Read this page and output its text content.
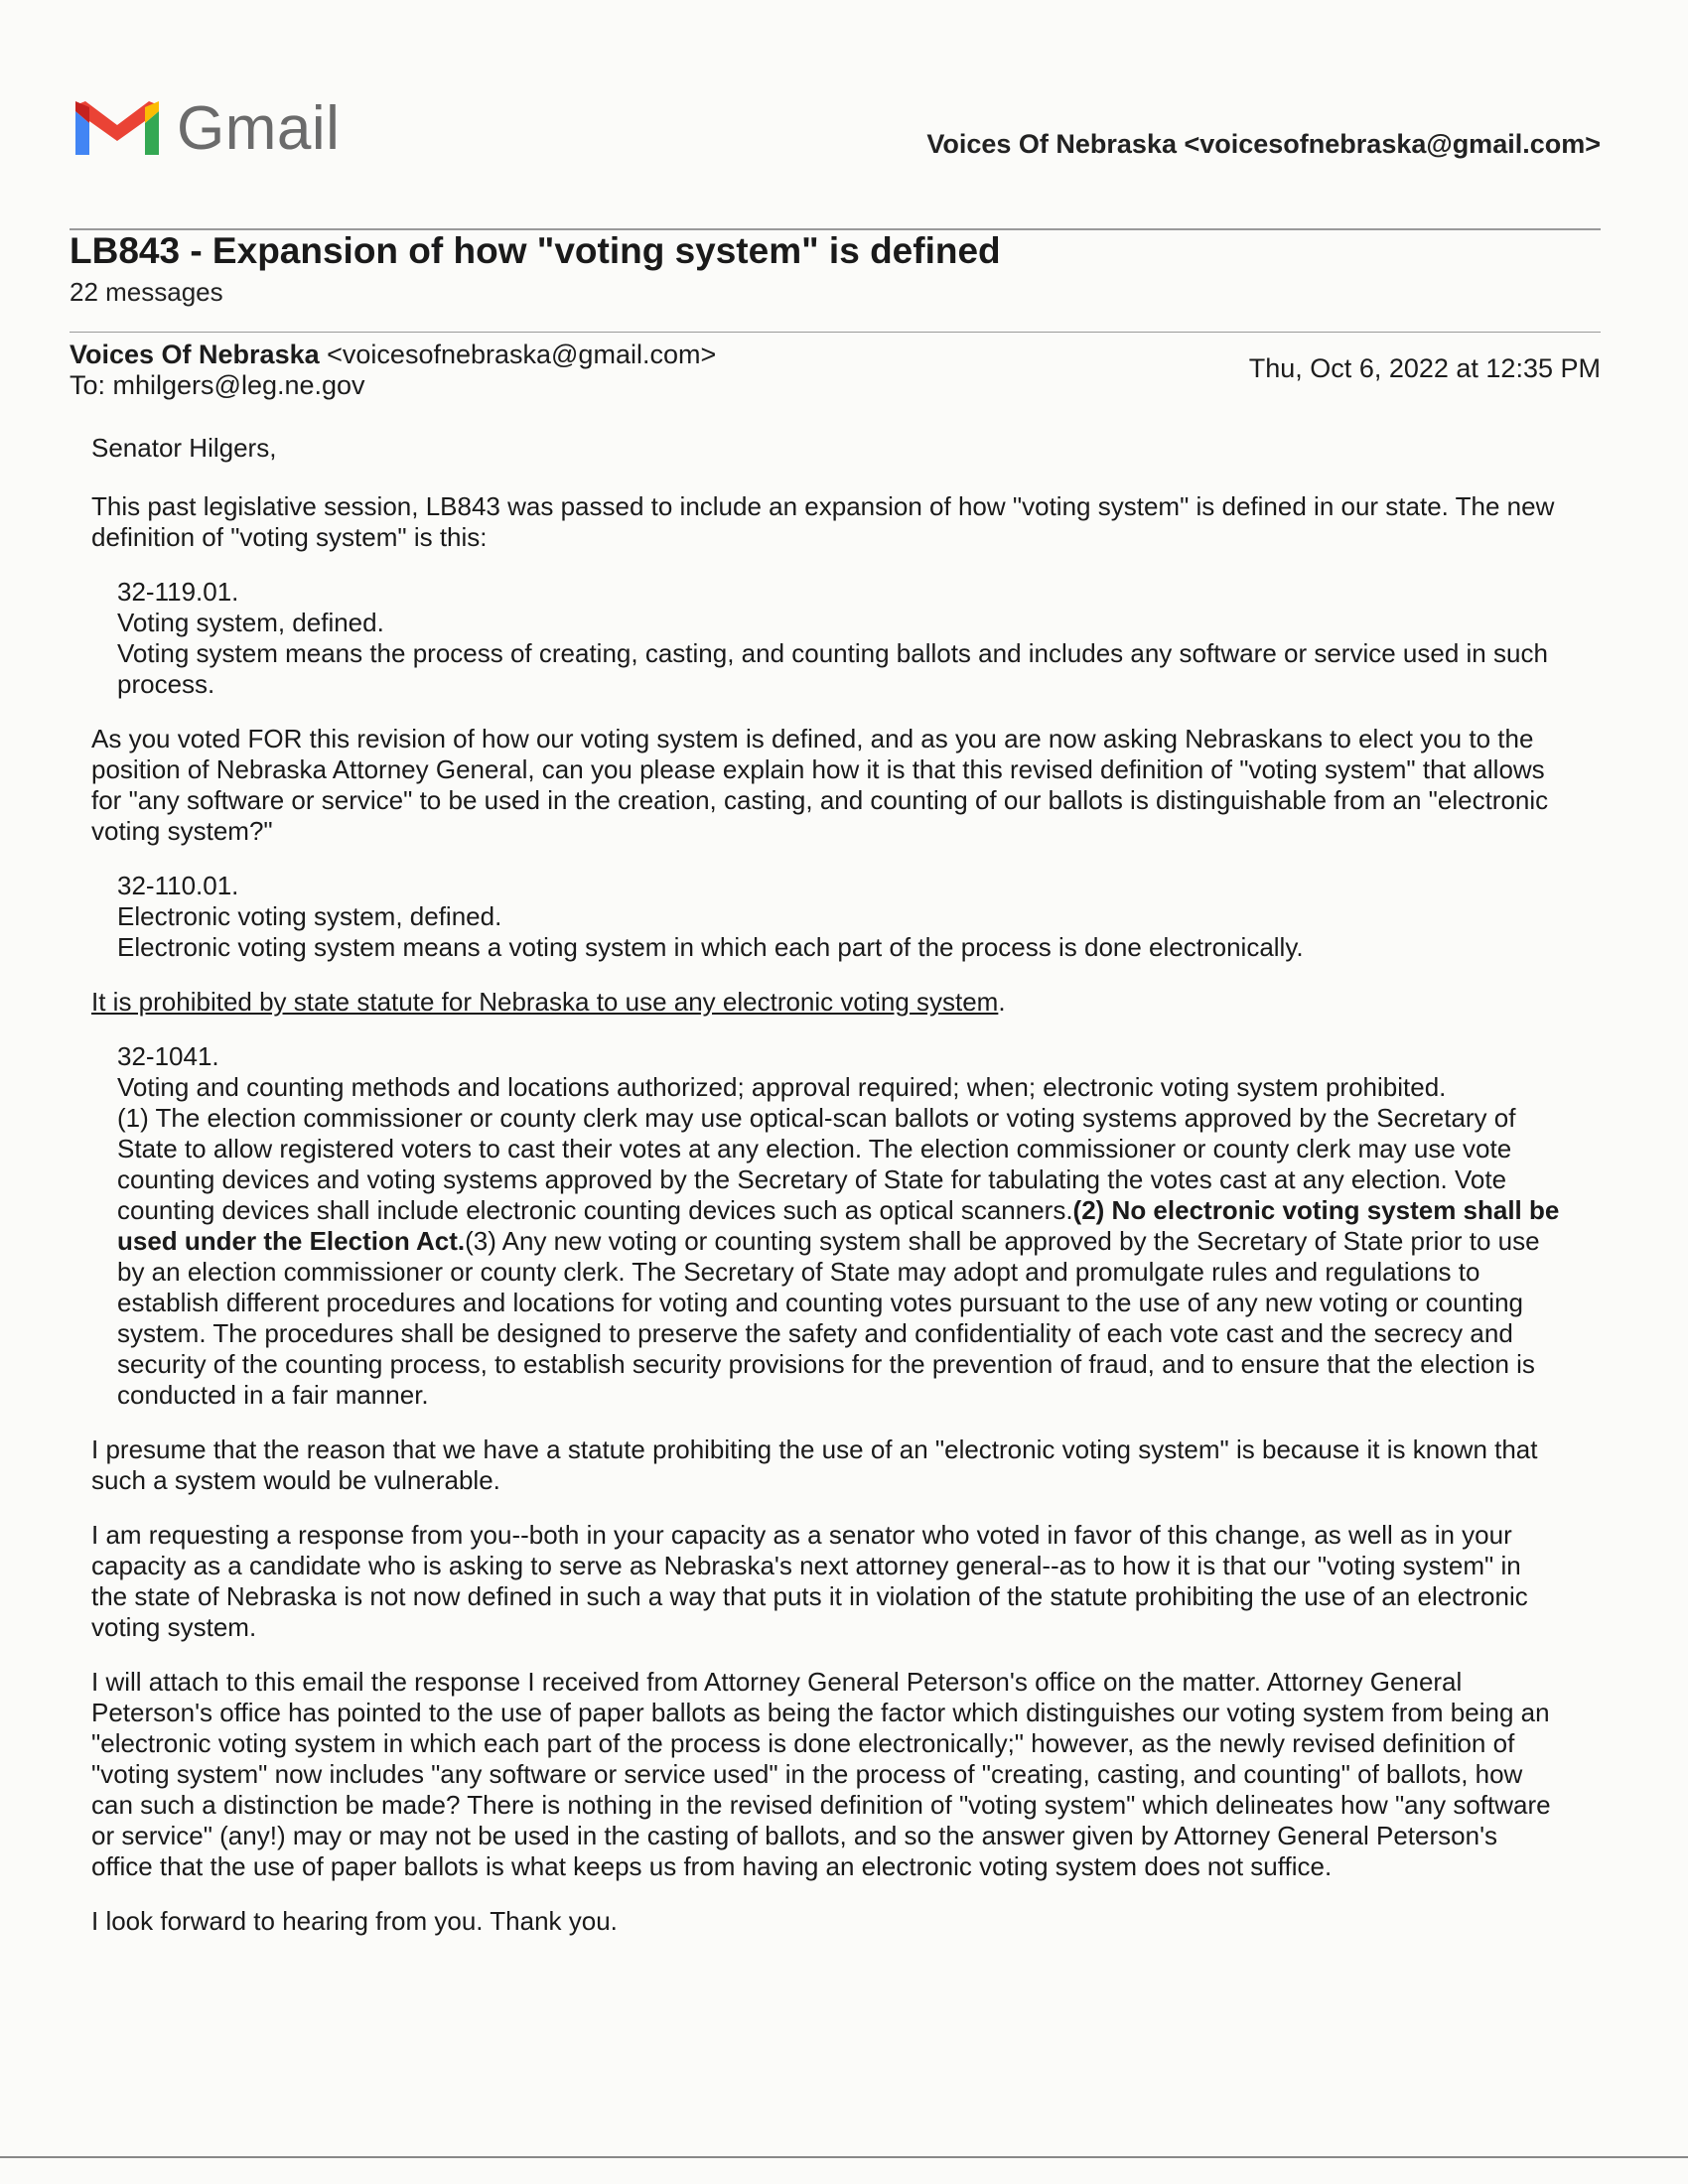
Gmail	Voices Of Nebraska <voicesofnebraska@gmail.com>
LB843 - Expansion of how "voting system" is defined
22 messages
Voices Of Nebraska <voicesofnebraska@gmail.com>
To: mhilgers@leg.ne.gov
Thu, Oct 6, 2022 at 12:35 PM

Senator Hilgers,

This past legislative session, LB843 was passed to include an expansion of how "voting system" is defined in our state. The new definition of "voting system" is this:

32-119.01.
Voting system, defined.
Voting system means the process of creating, casting, and counting ballots and includes any software or service used in such process.

As you voted FOR this revision of how our voting system is defined, and as you are now asking Nebraskans to elect you to the position of Nebraska Attorney General, can you please explain how it is that this revised definition of "voting system" that allows for "any software or service" to be used in the creation, casting, and counting of our ballots is distinguishable from an "electronic voting system?"

32-110.01.
Electronic voting system, defined.
Electronic voting system means a voting system in which each part of the process is done electronically.

It is prohibited by state statute for Nebraska to use any electronic voting system.

32-1041.
Voting and counting methods and locations authorized; approval required; when; electronic voting system prohibited.
(1) The election commissioner or county clerk may use optical-scan ballots or voting systems approved by the Secretary of State to allow registered voters to cast their votes at any election. The election commissioner or county clerk may use vote counting devices and voting systems approved by the Secretary of State for tabulating the votes cast at any election. Vote counting devices shall include electronic counting devices such as optical scanners.(2) No electronic voting system shall be used under the Election Act.(3) Any new voting or counting system shall be approved by the Secretary of State prior to use by an election commissioner or county clerk. The Secretary of State may adopt and promulgate rules and regulations to establish different procedures and locations for voting and counting votes pursuant to the use of any new voting or counting system. The procedures shall be designed to preserve the safety and confidentiality of each vote cast and the secrecy and security of the counting process, to establish security provisions for the prevention of fraud, and to ensure that the election is conducted in a fair manner.

I presume that the reason that we have a statute prohibiting the use of an "electronic voting system" is because it is known that such a system would be vulnerable.

I am requesting a response from you--both in your capacity as a senator who voted in favor of this change, as well as in your capacity as a candidate who is asking to serve as Nebraska's next attorney general--as to how it is that our "voting system" in the state of Nebraska is not now defined in such a way that puts it in violation of the statute prohibiting the use of an electronic voting system.

I will attach to this email the response I received from Attorney General Peterson's office on the matter. Attorney General Peterson's office has pointed to the use of paper ballots as being the factor which distinguishes our voting system from being an "electronic voting system in which each part of the process is done electronically;" however, as the newly revised definition of "voting system" now includes "any software or service used" in the process of "creating, casting, and counting" of ballots, how can such a distinction be made? There is nothing in the revised definition of "voting system" which delineates how "any software or service" (any!) may or may not be used in the casting of ballots, and so the answer given by Attorney General Peterson's office that the use of paper ballots is what keeps us from having an electronic voting system does not suffice.

I look forward to hearing from you. Thank you.
